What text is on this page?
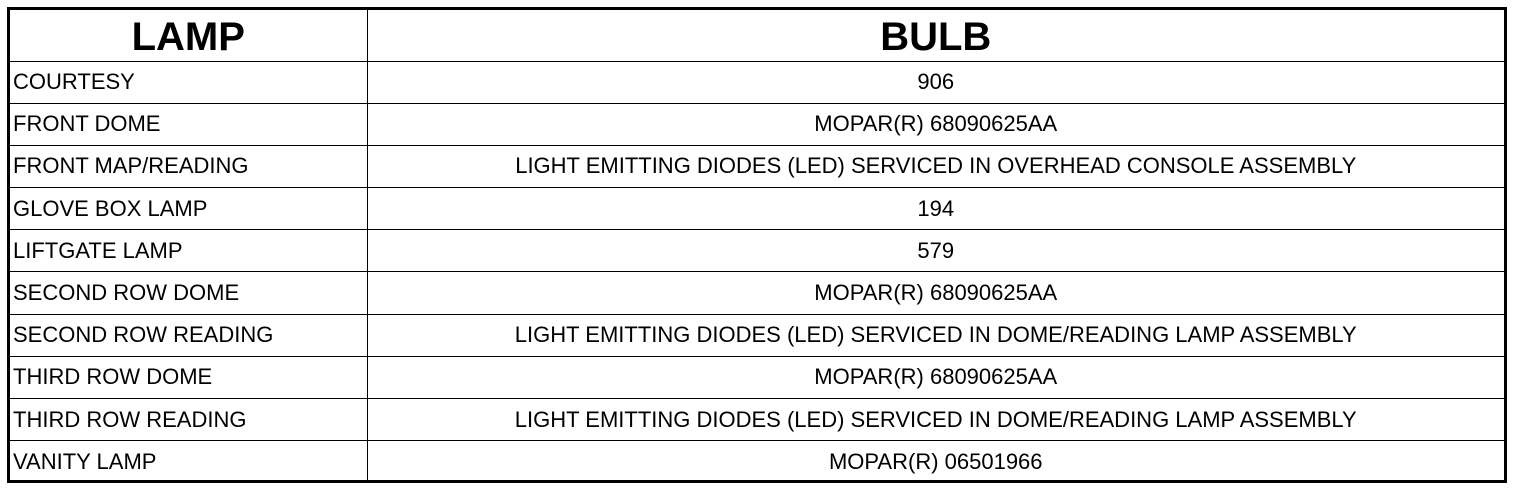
LAMP	BULB
COURTESY	906
FRONT DOME	MOPAR(R) 68090625AA
FRONT MAP/READING	LIGHT EMITTING DIODES (LED) SERVICED IN OVERHEAD CONSOLE ASSEMBLY
GLOVE BOX LAMP	194
LIFTGATE LAMP	579
SECOND ROW DOME	MOPAR(R) 68090625AA
SECOND ROW READING	LIGHT EMITTING DIODES (LED) SERVICED IN DOME/READING LAMP ASSEMBLY
THIRD ROW DOME	MOPAR(R) 68090625AA
THIRD ROW READING	LIGHT EMITTING DIODES (LED) SERVICED IN DOME/READING LAMP ASSEMBLY
VANITY LAMP	MOPAR(R) 06501966
